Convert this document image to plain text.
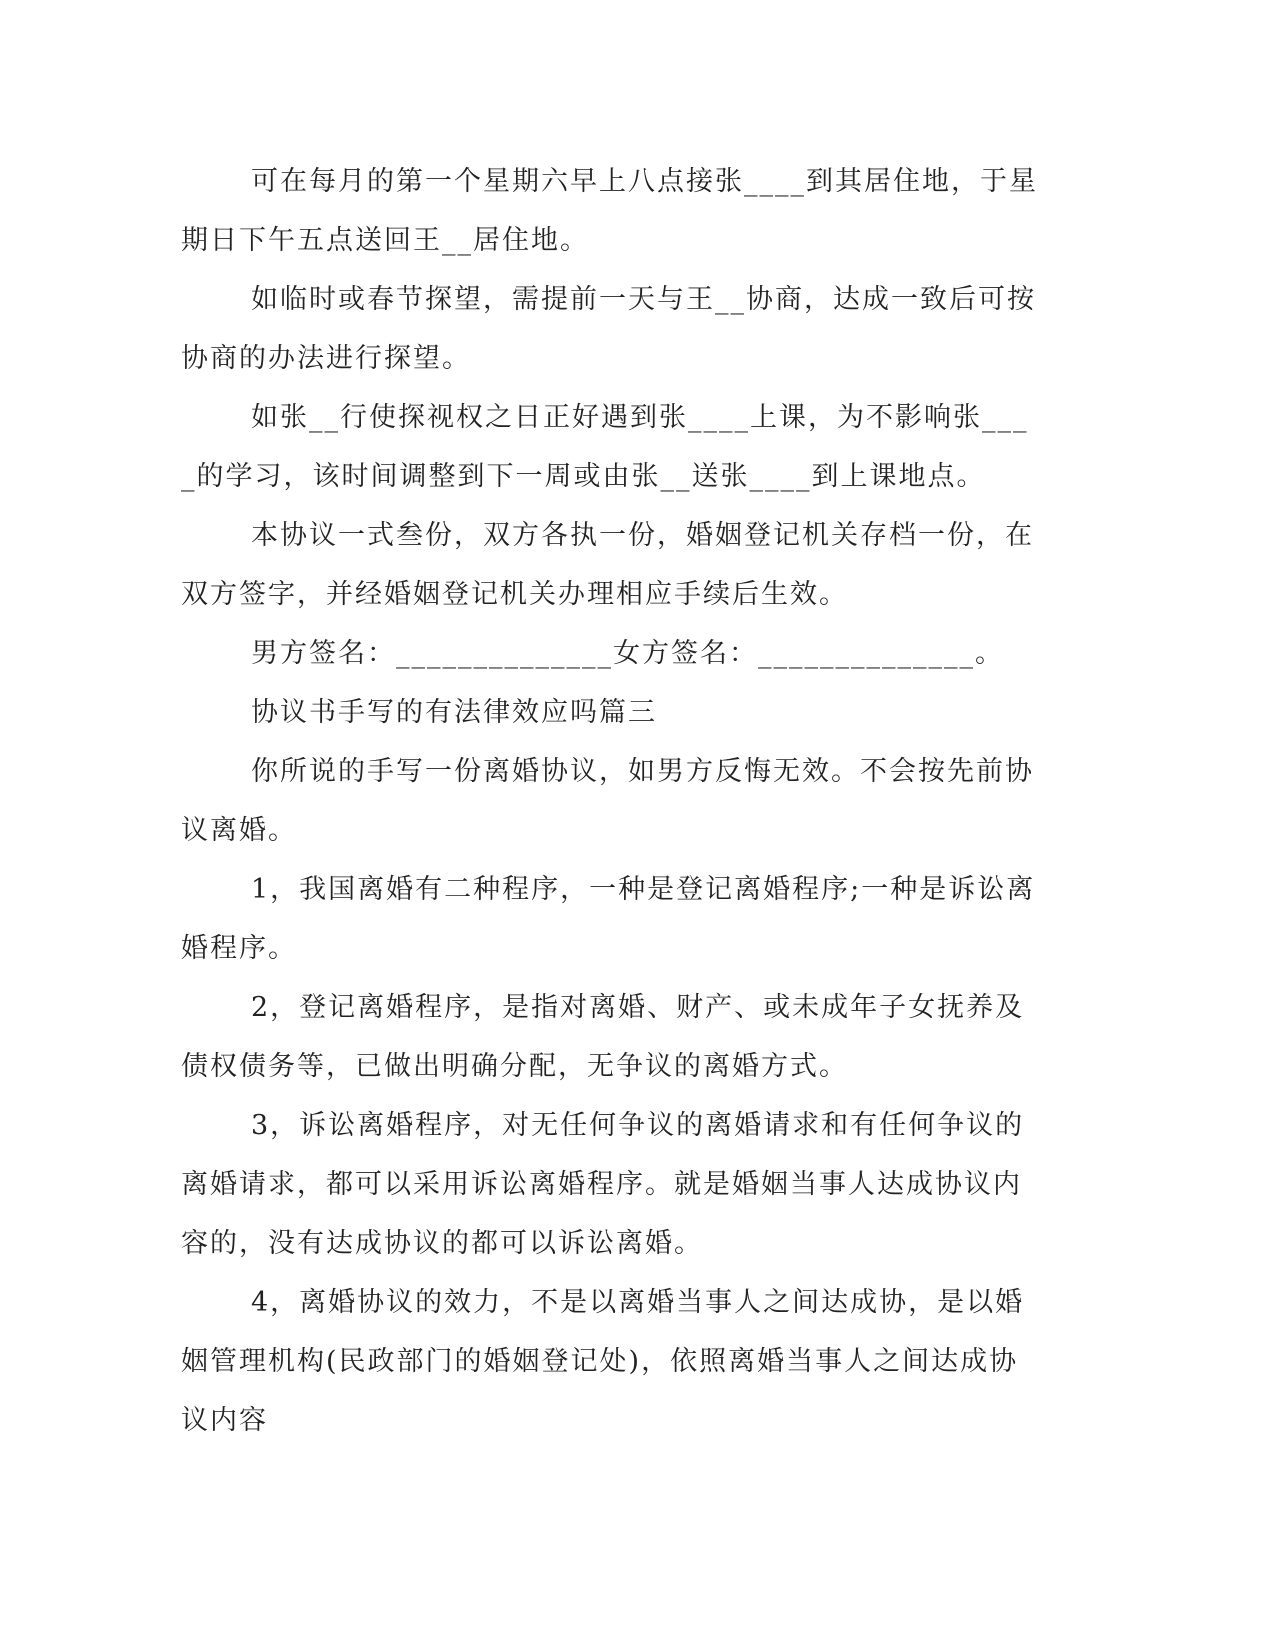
可在每月的第一个星期六早上八点接张____到其居住地，于星期日下午五点送回王__居住地。

如临时或春节探望，需提前一天与王__协商，达成一致后可按协商的办法进行探望。

如张__行使探视权之日正好遇到张____上课，为不影响张____的学习，该时间调整到下一周或由张__送张____到上课地点。

本协议一式叁份，双方各执一份，婚姻登记机关存档一份，在双方签字，并经婚姻登记机关办理相应手续后生效。

男方签名：______________女方签名：______________。

协议书手写的有法律效应吗篇三

你所说的手写一份离婚协议，如男方反悔无效。不会按先前协议离婚。

1，我国离婚有二种程序，一种是登记离婚程序;一种是诉讼离婚程序。

2，登记离婚程序，是指对离婚、财产、或未成年子女抚养及债权债务等，已做出明确分配，无争议的离婚方式。

3，诉讼离婚程序，对无任何争议的离婚请求和有任何争议的离婚请求，都可以采用诉讼离婚程序。就是婚姻当事人达成协议内容的，没有达成协议的都可以诉讼离婚。

4，离婚协议的效力，不是以离婚当事人之间达成协，是以婚姻管理机构(民政部门的婚姻登记处)，依照离婚当事人之间达成协议内容
